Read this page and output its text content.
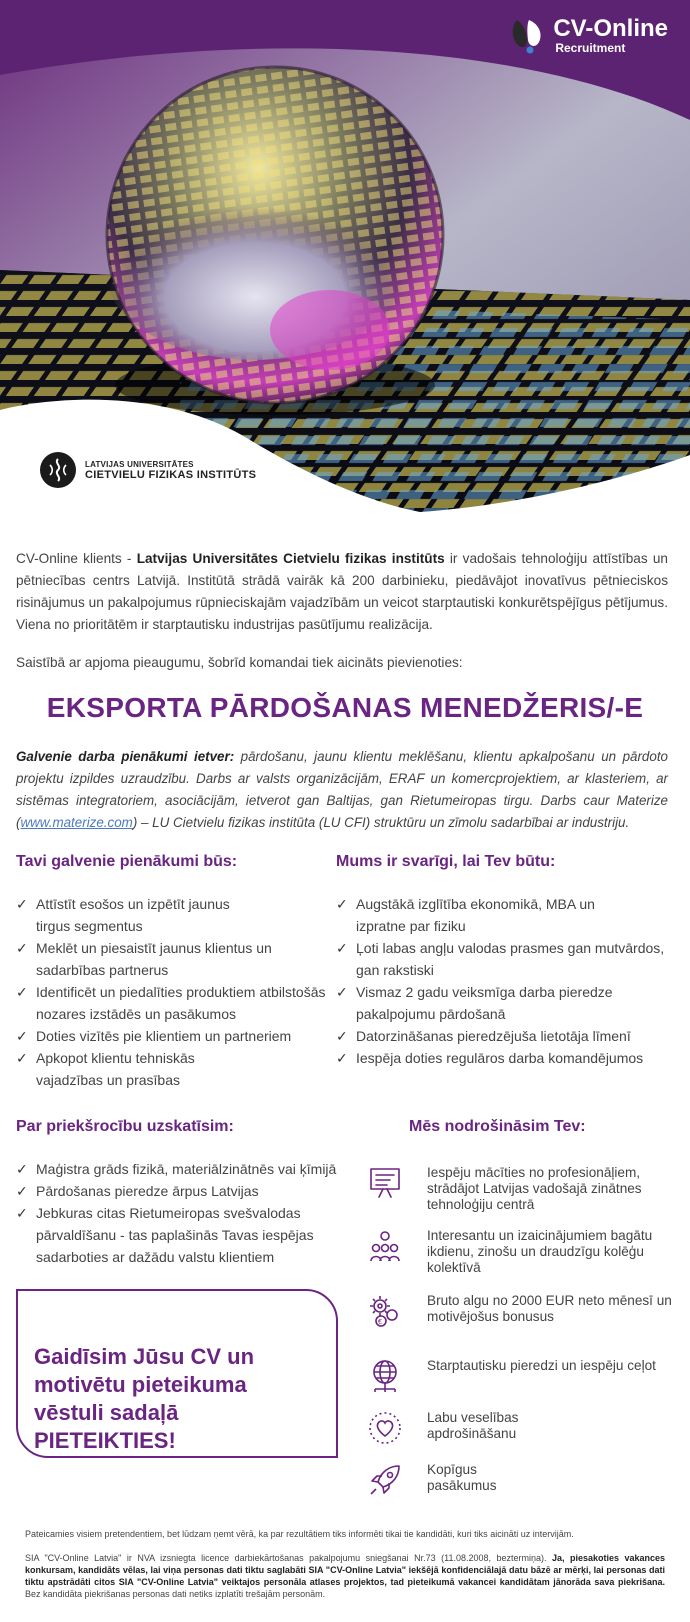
CV-Online
Recruitment
LATVIJAS UNIVERSITĀTES
CIETVIELU FIZIKAS INSTITŪTS

CV-Online klients - Latvijas Universitātes Cietvielu fizikas institūts ir vadošais tehnoloģiju attīstības un pētniecības centrs Latvijā. Institūtā strādā vairāk kā 200 darbinieku, piedāvājot inovatīvus pētnieciskos risinājumus un pakalpojumus rūpnieciskajām vajadzībām un veicot starptautiski konkurētspējīgus pētījumus. Viena no prioritātēm ir starptautisku industrijas pasūtījumu realizācija.

Saistībā ar apjoma pieaugumu, šobrīd komandai tiek aicināts pievienoties:

EKSPORTA PĀRDOŠANAS MENEDŽERIS/-E

Galvenie darba pienākumi ietver: pārdošanu, jaunu klientu meklēšanu, klientu apkalpošanu un pārdoto projektu izpildes uzraudzību. Darbs ar valsts organizācijām, ERAF un komercprojektiem, ar klasteriem, ar sistēmas integratoriem, asociācijām, ietverot gan Baltijas, gan Rietumeiropas tirgu. Darbs caur Materize (www.materize.com) – LU Cietvielu fizikas institūta (LU CFI) struktūru un zīmolu sadarbībai ar industriju.

Tavi galvenie pienākumi būs:
✓ Attīstīt esošos un izpētīt jaunus tirgus segmentus
✓ Meklēt un piesaistīt jaunus klientus un sadarbības partnerus
✓ Identificēt un piedalīties produktiem atbilstošās nozares izstādēs un pasākumos
✓ Doties vizītēs pie klientiem un partneriem
✓ Apkopot klientu tehniskās vajadzības un prasības
Mums ir svarīgi, lai Tev būtu:
✓ Augstākā izglītība ekonomikā, MBA un izpratne par fiziku
✓ Ļoti labas angļu valodas prasmes gan mutvārdos, gan rakstiski
✓ Vismaz 2 gadu veiksmīga darba pieredze pakalpojumu pārdošanā
✓ Datorzināšanas pieredzējuša lietotāja līmenī
✓ Iespēja doties regulāros darba komandējumos
Par priekšrocību uzskatīsim:
✓ Maģistra grāds fizikā, materiālzinātnēs vai ķīmijā
✓ Pārdošanas pieredze ārpus Latvijas
✓ Jebkuras citas Rietumeiropas svešvalodas pārvaldīšanu - tas paplašinās Tavas iespējas sadarboties ar dažādu valstu klientiem
Gaidīsim Jūsu CV un motivētu pieteikuma vēstuli sadaļā PIETEIKTIES!
Mēs nodrošināsim Tev:
Iespēju mācīties no profesionāļiem, strādājot Latvijas vadošajā zinātnes tehnoloģiju centrā
Interesantu un izaicinājumiem bagātu ikdienu, zinošu un draudzīgu kolēģu kolektīvā
€
Bruto algu no 2000 EUR neto mēnesī un motivējošus bonusus
Starptautisku pieredzi un iespēju ceļot
Labu veselības apdrošināšanu
Kopīgus pasākumus

Pateicamies visiem pretendentiem, bet lūdzam ņemt vērā, ka par rezultātiem tiks informēti tikai tie kandidāti, kuri tiks aicināti uz intervijām.

SIA "CV-Online Latvia" ir NVA izsniegta licence darbiekārtošanas pakalpojumu sniegšanai Nr.73 (11.08.2008, beztermiņa). Ja, piesakoties vakances konkursam, kandidāts vēlas, lai viņa personas dati tiktu saglabāti SIA "CV-Online Latvia" iekšējā konfidenciālajā datu bāzē ar mērķi, lai personas dati tiktu apstrādāti citos SIA "CV-Online Latvia" veiktajos personāla atlases projektos, tad pieteikumā vakancei kandidātam jānorāda sava piekrišana. Bez kandidāta piekrišanas personas dati netiks izplatīti trešajām personām.
